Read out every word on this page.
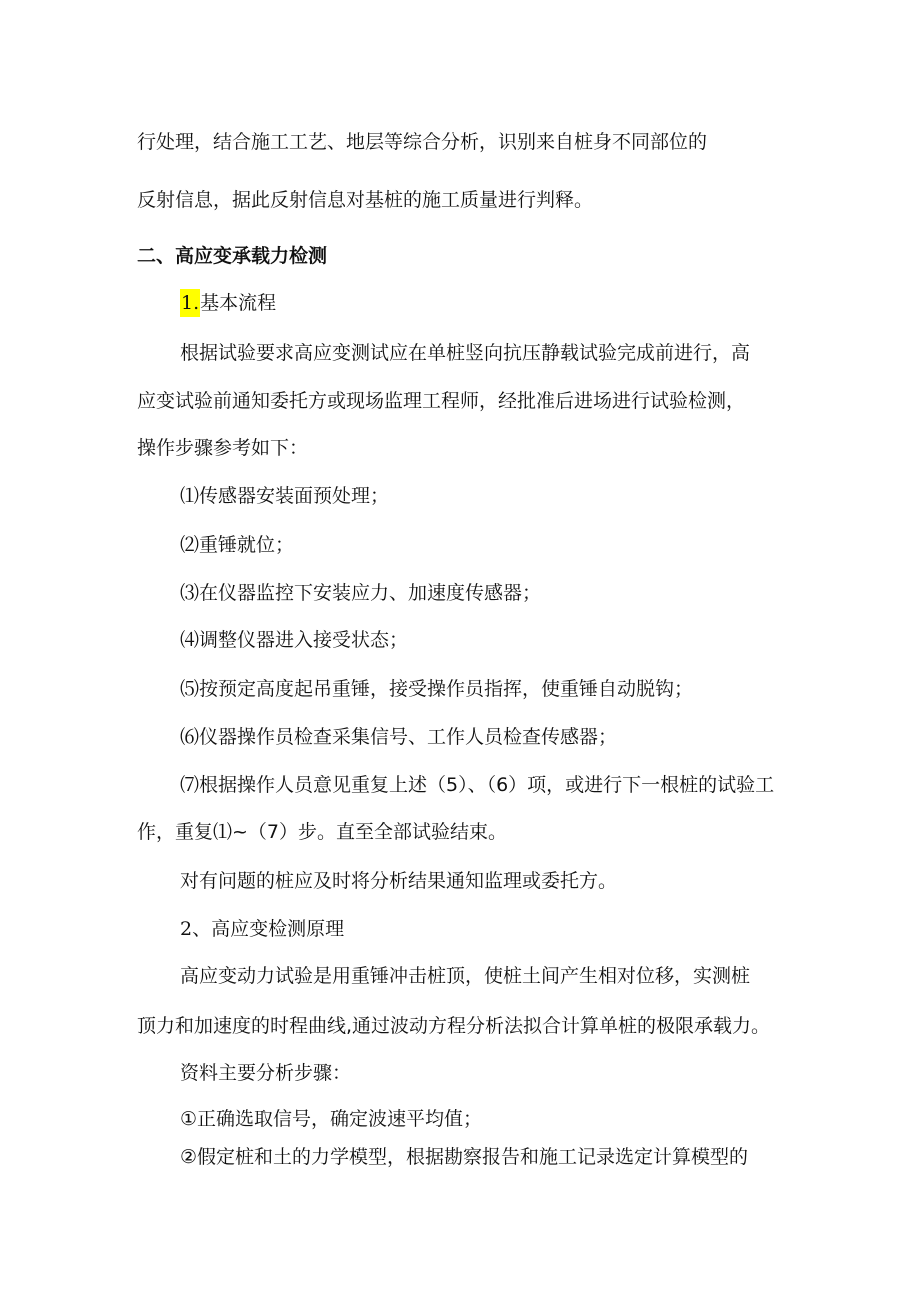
行处理，结合施工工艺、地层等综合分析，识别来自桩身不同部位的
反射信息，据此反射信息对基桩的施工质量进行判释。
二、高应变承载力检测
1.基本流程
根据试验要求高应变测试应在单桩竖向抗压静载试验完成前进行，高
应变试验前通知委托方或现场监理工程师，经批准后进场进行试验检测，
操作步骤参考如下：
⑴传感器安装面预处理；
⑵重锤就位；
⑶在仪器监控下安装应力、加速度传感器；
⑷调整仪器进入接受状态；
⑸按预定高度起吊重锤，接受操作员指挥，使重锤自动脱钩；
⑹仪器操作员检查采集信号、工作人员检查传感器；
⑺根据操作人员意见重复上述（5）、（6）项，或进行下一根桩的试验工
作，重复⑴~（7）步。直至全部试验结束。
对有问题的桩应及时将分析结果通知监理或委托方。
2、高应变检测原理
高应变动力试验是用重锤冲击桩顶，使桩土间产生相对位移，实测桩
顶力和加速度的时程曲线,通过波动方程分析法拟合计算单桩的极限承载力。
资料主要分析步骤：
①正确选取信号，确定波速平均值；
②假定桩和土的力学模型，根据勘察报告和施工记录选定计算模型的
